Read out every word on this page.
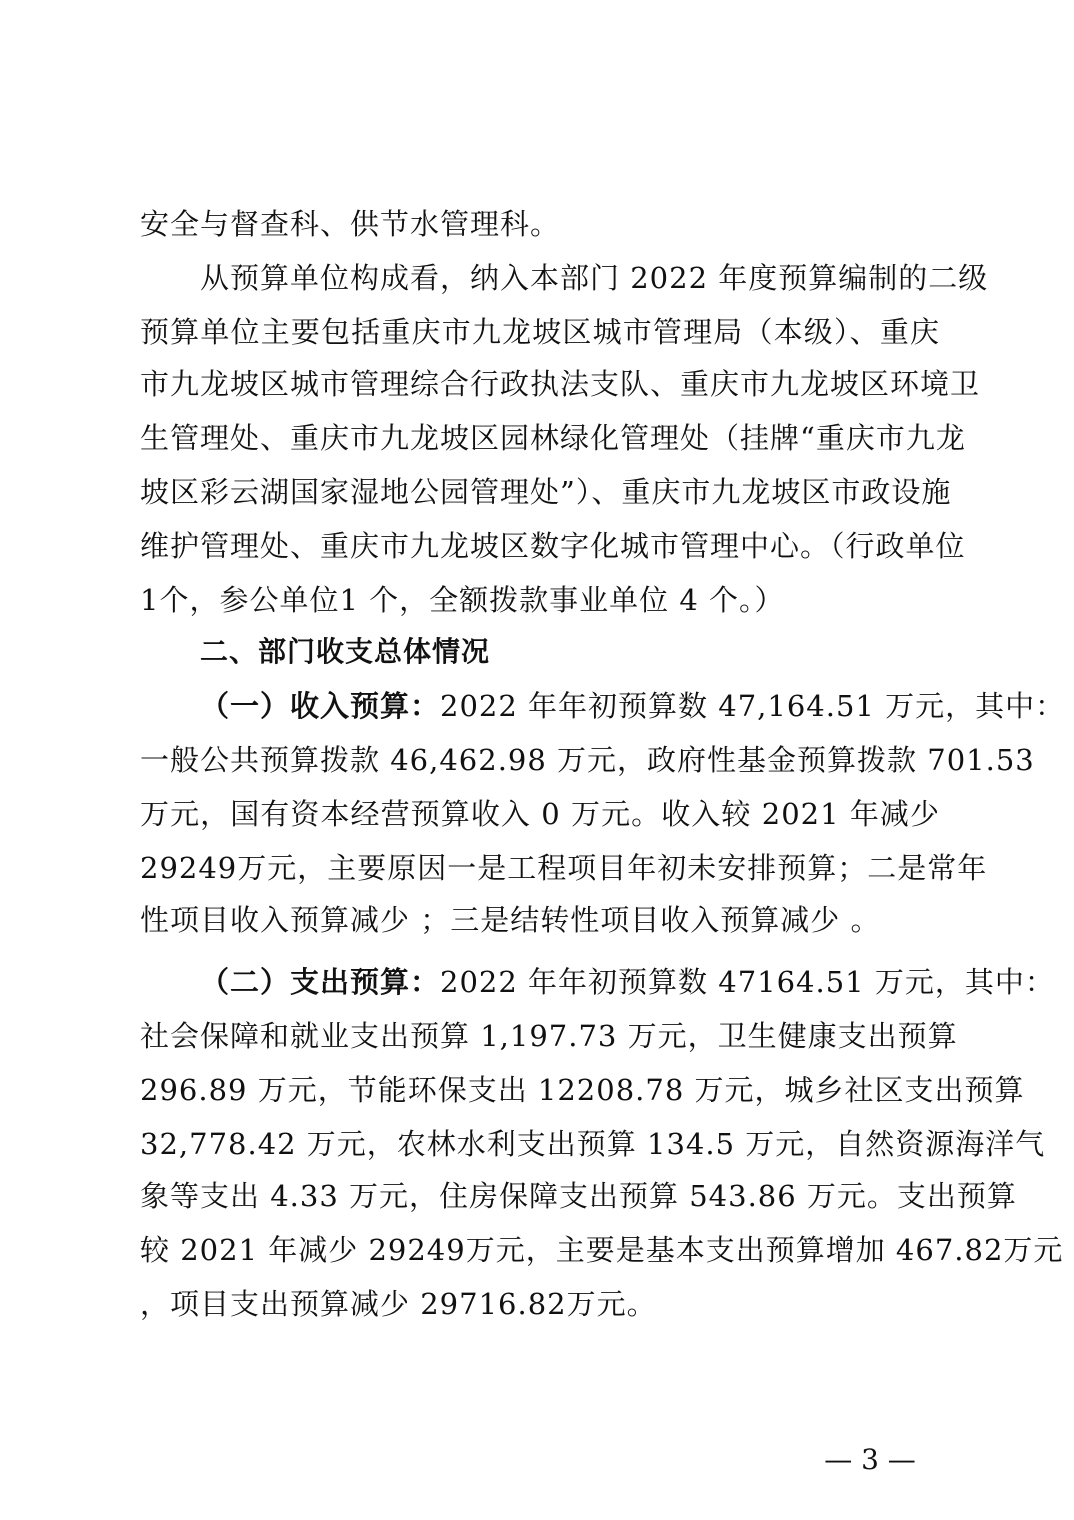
安全与督查科、供节水管理科。
从预算单位构成看，纳入本部门 2022 年度预算编制的二级
预算单位主要包括重庆市九龙坡区城市管理局（本级）、重庆
市九龙坡区城市管理综合行政执法支队、重庆市九龙坡区环境卫
生管理处、重庆市九龙坡区园林绿化管理处（挂牌“重庆市九龙
坡区彩云湖国家湿地公园管理处”）、重庆市九龙坡区市政设施
维护管理处、重庆市九龙坡区数字化城市管理中心。（行政单位
1个，参公单位1 个，全额拨款事业单位 4 个。）
二、部门收支总体情况
（一）收入预算：2022 年年初预算数 47,164.51 万元，其中：
一般公共预算拨款 46,462.98 万元，政府性基金预算拨款 701.53
万元，国有资本经营预算收入 0 万元。收入较 2021 年减少
29249万元，主要原因一是工程项目年初未安排预算；二是常年
性项目收入预算减少 ；三是结转性项目收入预算减少 。
（二）支出预算：2022 年年初预算数 47164.51 万元，其中：
社会保障和就业支出预算 1,197.73 万元，卫生健康支出预算
296.89 万元，节能环保支出 12208.78 万元，城乡社区支出预算
32,778.42 万元，农林水利支出预算 134.5 万元，自然资源海洋气
象等支出 4.33 万元，住房保障支出预算 543.86 万元。支出预算
较 2021 年减少 29249万元，主要是基本支出预算增加 467.82万元
，项目支出预算减少 29716.82万元。
— 3 —
